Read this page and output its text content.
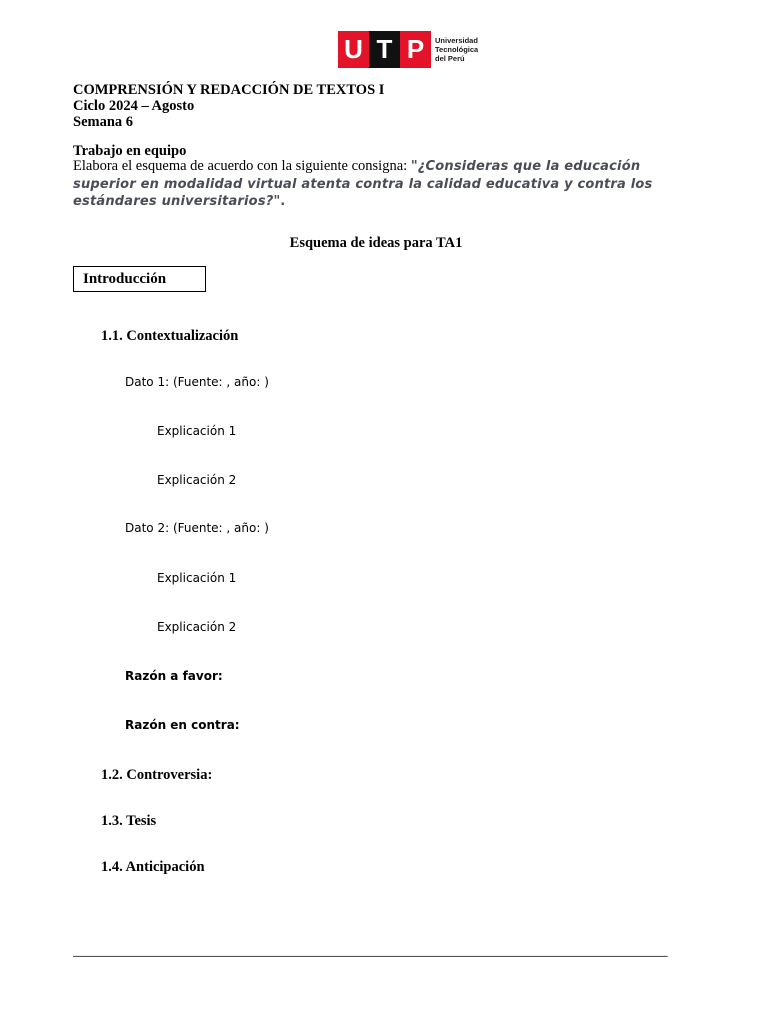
U T P	Universidad
Tecnológica
del Perú
COMPRENSIÓN Y REDACCIÓN DE TEXTOS I
Ciclo 2024 – Agosto
Semana 6
Trabajo en equipo
Elabora el esquema de acuerdo con la siguiente consigna: "¿Consideras que la educación superior en modalidad virtual atenta contra la calidad educativa y contra los estándares universitarios?".
Esquema de ideas para TA1
Introducción
1.1. Contextualización
Dato 1: (Fuente: , año: )
Explicación 1
Explicación 2
Dato 2: (Fuente: , año: )
Explicación 1
Explicación 2
Razón a favor:
Razón en contra:
1.2. Controversia:
1.3. Tesis
1.4. Anticipación
__________________________________________________________________________________
